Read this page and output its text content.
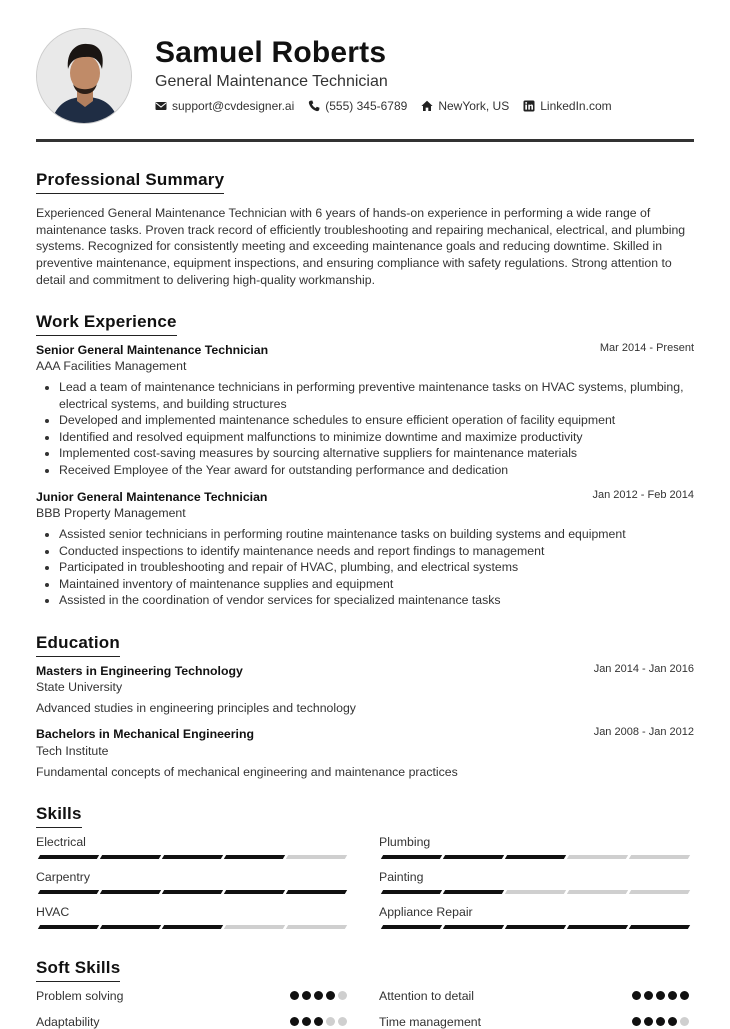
Samuel Roberts
General Maintenance Technician
support@cvdesigner.ai	(555) 345-6789	NewYork, US	LinkedIn.com
Professional Summary
Experienced General Maintenance Technician with 6 years of hands-on experience in performing a wide range of maintenance tasks. Proven track record of efficiently troubleshooting and repairing mechanical, electrical, and plumbing systems. Recognized for consistently meeting and exceeding maintenance goals and reducing downtime. Skilled in preventive maintenance, equipment inspections, and ensuring compliance with safety regulations. Strong attention to detail and commitment to delivering high-quality workmanship.
Work Experience
Senior General Maintenance Technician	Mar 2014 - Present
AAA Facilities Management
• Lead a team of maintenance technicians in performing preventive maintenance tasks on HVAC systems, plumbing, electrical systems, and building structures
• Developed and implemented maintenance schedules to ensure efficient operation of facility equipment
• Identified and resolved equipment malfunctions to minimize downtime and maximize productivity
• Implemented cost-saving measures by sourcing alternative suppliers for maintenance materials
• Received Employee of the Year award for outstanding performance and dedication
Junior General Maintenance Technician	Jan 2012 - Feb 2014
BBB Property Management
• Assisted senior technicians in performing routine maintenance tasks on building systems and equipment
• Conducted inspections to identify maintenance needs and report findings to management
• Participated in troubleshooting and repair of HVAC, plumbing, and electrical systems
• Maintained inventory of maintenance supplies and equipment
• Assisted in the coordination of vendor services for specialized maintenance tasks
Education
Masters in Engineering Technology	Jan 2014 - Jan 2016
State University
Advanced studies in engineering principles and technology
Bachelors in Mechanical Engineering	Jan 2008 - Jan 2012
Tech Institute
Fundamental concepts of mechanical engineering and maintenance practices
Skills
Electrical	Plumbing
Carpentry	Painting
HVAC	Appliance Repair
Soft Skills
Problem solving	Attention to detail
Adaptability	Time management
